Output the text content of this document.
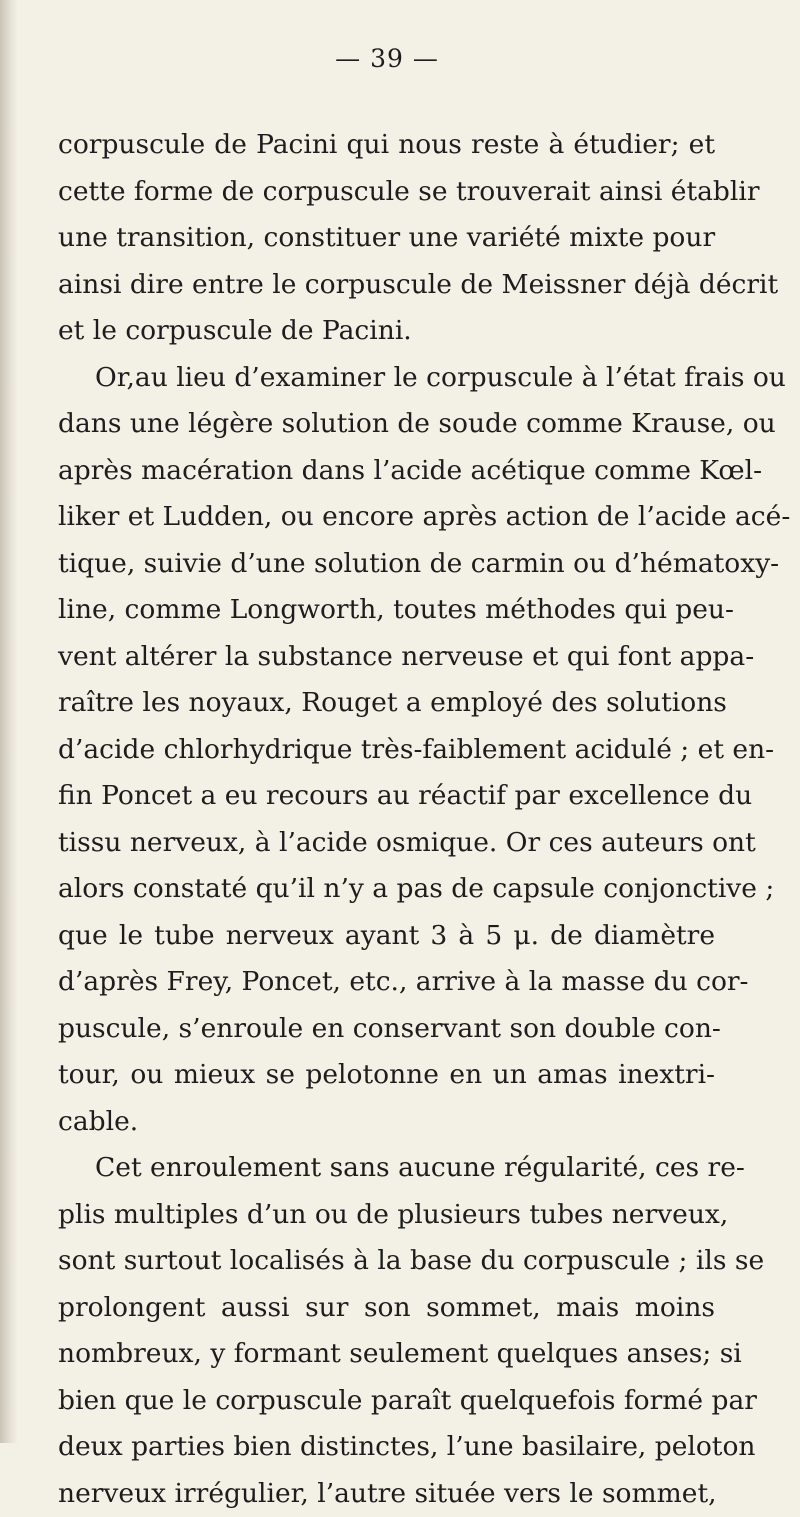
— 39 —
corpuscule de Pacini qui nous reste à étudier; et
cette forme de corpuscule se trouverait ainsi établir
une transition, constituer une variété mixte pour
ainsi dire entre le corpuscule de Meissner déjà décrit
et le corpuscule de Pacini.
Or,au lieu d’examiner le corpuscule à l’état frais ou
dans une légère solution de soude comme Krause, ou
après macération dans l’acide acétique comme Kœl-
liker et Ludden, ou encore après action de l’acide acé-
tique, suivie d’une solution de carmin ou d’hématoxy-
line, comme Longworth, toutes méthodes qui peu-
vent altérer la substance nerveuse et qui font appa-
raître les noyaux, Rouget a employé des solutions
d’acide chlorhydrique très-faiblement acidulé ; et en-
fin Poncet a eu recours au réactif par excellence du
tissu nerveux, à l’acide osmique. Or ces auteurs ont
alors constaté qu’il n’y a pas de capsule conjonctive ;
que le tube nerveux ayant 3 à 5 μ. de diamètre
d’après Frey, Poncet, etc., arrive à la masse du cor-
puscule, s’enroule en conservant son double con-
tour, ou mieux se pelotonne en un amas inextri-
cable.
Cet enroulement sans aucune régularité, ces re-
plis multiples d’un ou de plusieurs tubes nerveux,
sont surtout localisés à la base du corpuscule ; ils se
prolongent aussi sur son sommet, mais moins
nombreux, y formant seulement quelques anses; si
bien que le corpuscule paraît quelquefois formé par
deux parties bien distinctes, l’une basilaire, peloton
nerveux irrégulier, l’autre située vers le sommet,
